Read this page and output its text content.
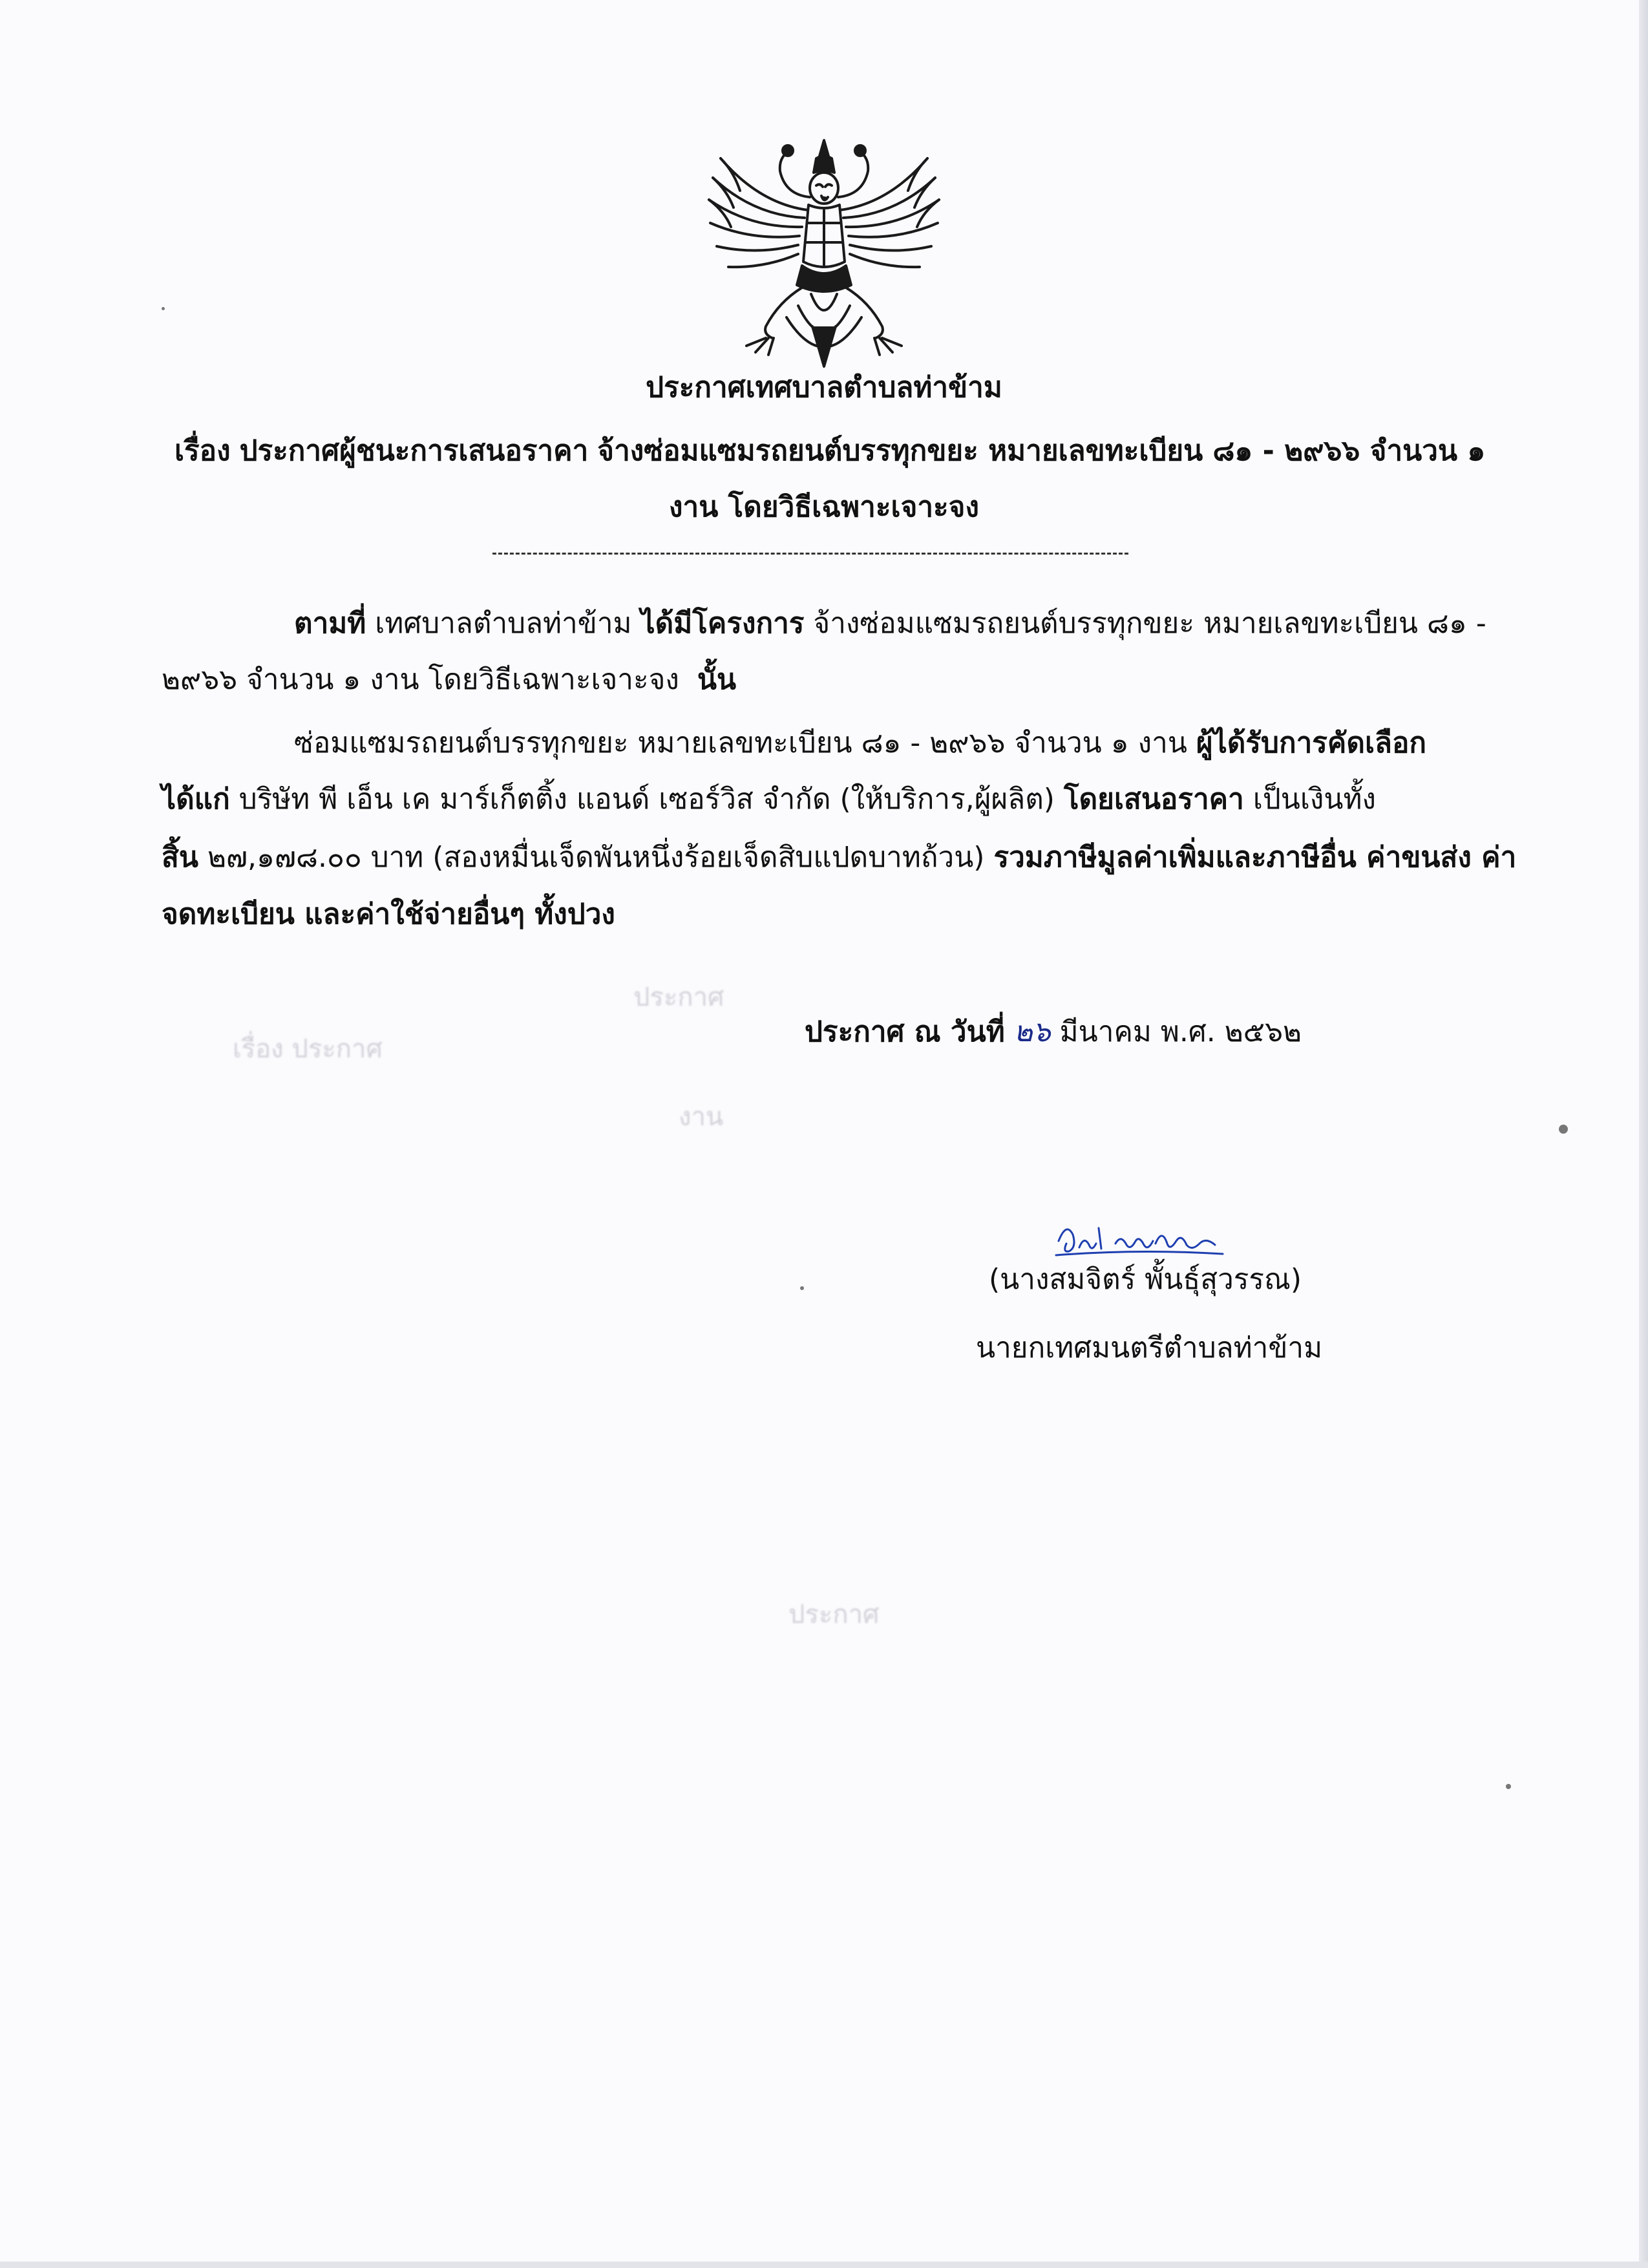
ประกาศ
เรื่อง ประกาศ
งาน
ประกาศ
ประกาศเทศบาลตำบลท่าข้าม
เรื่อง ประกาศผู้ชนะการเสนอราคา จ้างซ่อมแซมรถยนต์บรรทุกขยะ หมายเลขทะเบียน ๘๑ - ๒๙๖๖ จำนวน ๑
งาน โดยวิธีเฉพาะเจาะจง
ตามที่ เทศบาลตำบลท่าข้าม ได้มีโครงการ จ้างซ่อมแซมรถยนต์บรรทุกขยะ หมายเลขทะเบียน ๘๑ -
๒๙๖๖ จำนวน ๑ งาน โดยวิธีเฉพาะเจาะจง นั้น
ซ่อมแซมรถยนต์บรรทุกขยะ หมายเลขทะเบียน ๘๑ - ๒๙๖๖ จำนวน ๑ งาน ผู้ได้รับการคัดเลือก
ได้แก่ บริษัท พี เอ็น เค มาร์เก็ตติ้ง แอนด์ เซอร์วิส จำกัด (ให้บริการ,ผู้ผลิต) โดยเสนอราคา เป็นเงินทั้ง
สิ้น ๒๗,๑๗๘.๐๐ บาท (สองหมื่นเจ็ดพันหนึ่งร้อยเจ็ดสิบแปดบาทถ้วน) รวมภาษีมูลค่าเพิ่มและภาษีอื่น ค่าขนส่ง ค่า
จดทะเบียน และค่าใช้จ่ายอื่นๆ ทั้งปวง
ประกาศ ณ วันที่ ๒๖ มีนาคม พ.ศ. ๒๕๖๒
(นางสมจิตร์ พั้นธุ์สุวรรณ)
นายกเทศมนตรีตำบลท่าข้าม
